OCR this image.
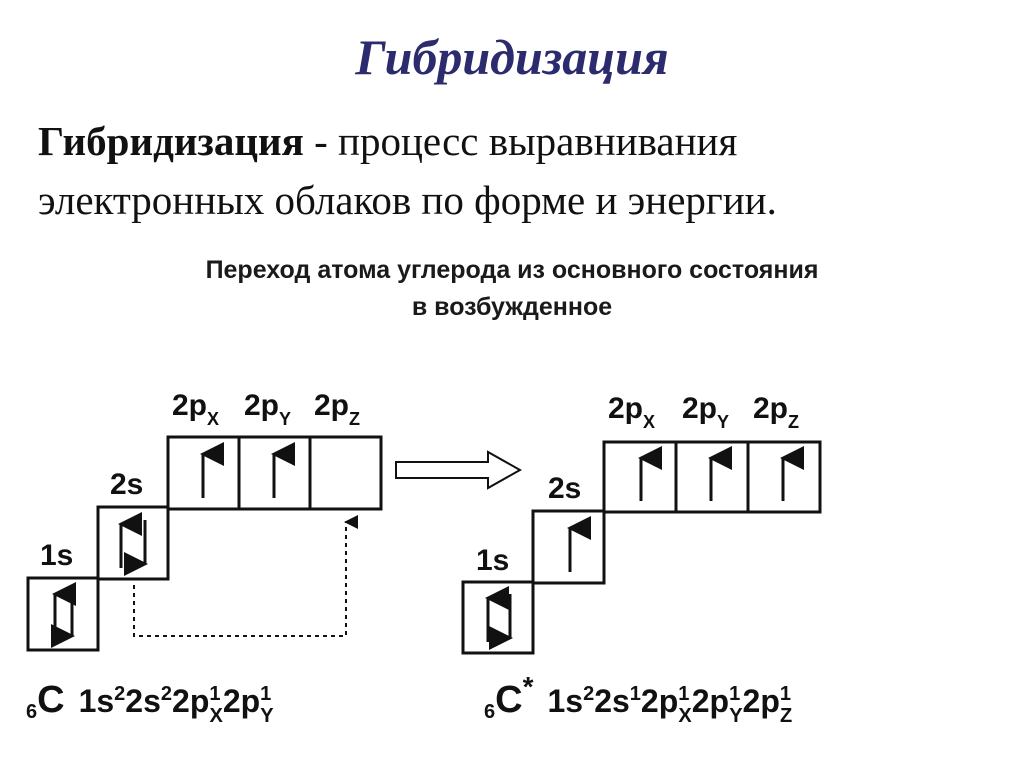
Гибридизация
Гибридизация - процесс выравнивания
электронных облаков по форме и энергии.
Переход атома углерода из основного состояния
в возбужденное
1s
2s
$2p_X$ $2p_Y$ $2p_Z$
6C $1s^22s^22p^1$ $X2p^1$ Y
1s
2s
$2p_X$ $2p_Y$ $2p_Z$
6C* $1s^22s^12p^1$ $X2p^1$ $Y2p^1$ Z
